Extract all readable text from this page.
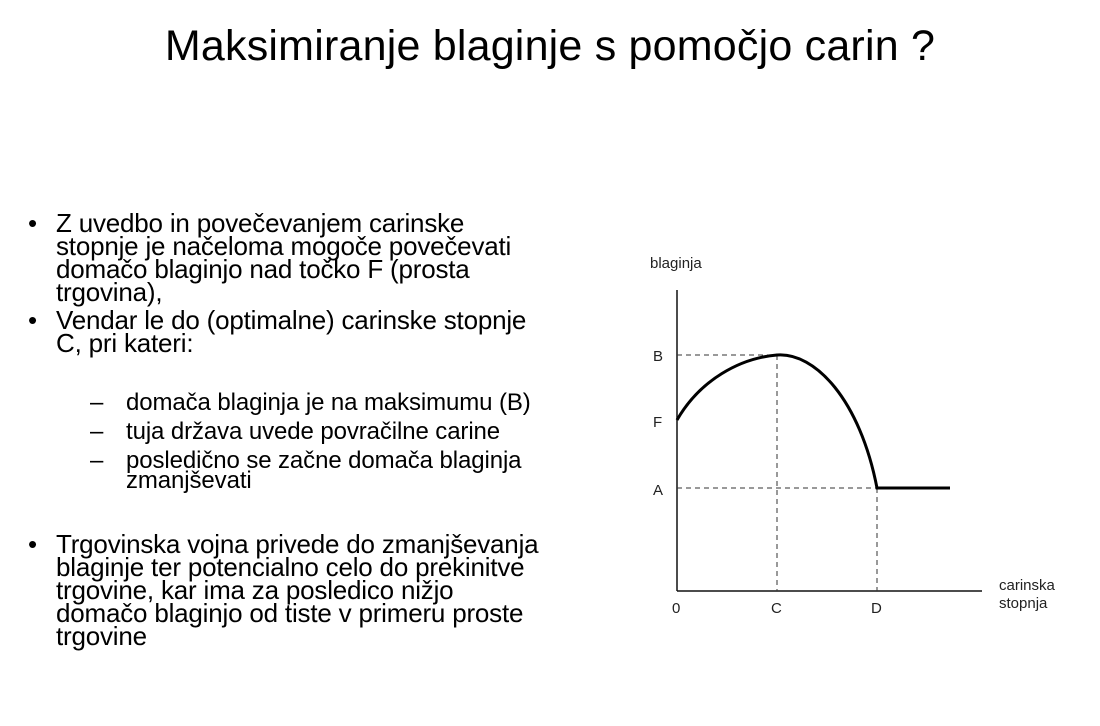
Maksimiranje blaginje s pomočjo carin ?
• Z uvedbo in povečevanjem carinske
stopnje je načeloma mogoče povečevati
domačo blaginjo nad točko F (prosta
trgovina),
• Vendar le do (optimalne) carinske stopnje
C, pri kateri:
– domača blaginja je na maksimumu (B)
– tuja država uvede povračilne carine
– posledično se začne domača blaginja
zmanjševati
• Trgovinska vojna privede do zmanjševanja
blaginje ter potencialno celo do prekinitve
trgovine, kar ima za posledico nižjo
domačo blaginjo od tiste v primeru proste
trgovine
blaginja
carinska
stopnja
B
F
A
0	C	D
